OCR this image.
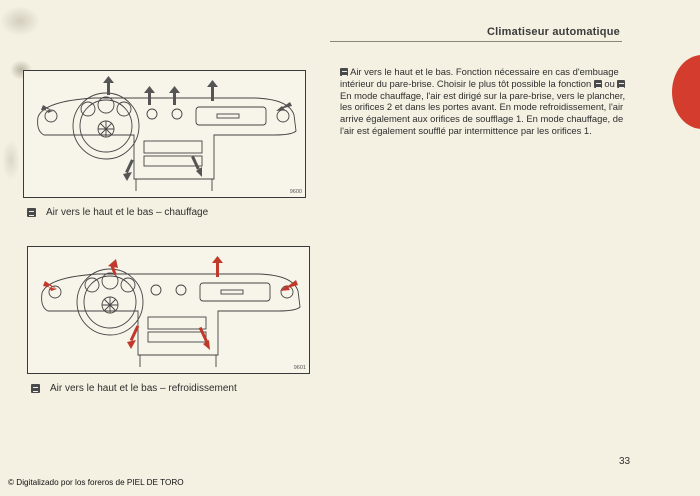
Climatiseur automatique
9600
Air vers le haut et le bas – chauffage
9601
Air vers le haut et le bas – refroidissement

Air vers le haut et le bas. Fonction nécessaire en cas d'embuage intérieur du pare-brise. Choisir le plus tôt possible la fonction ou

En mode chauffage, l'air est dirigé sur la pare-brise, vers le plancher, les orifices 2 et dans les portes avant. En mode refroidissement, l'air arrive également aux orifices de soufflage 1. En mode chauffage, de l'air est également soufflé par intermittence par les orifices 1.

33
© Digitalizado por los foreros de PIEL DE TORO
